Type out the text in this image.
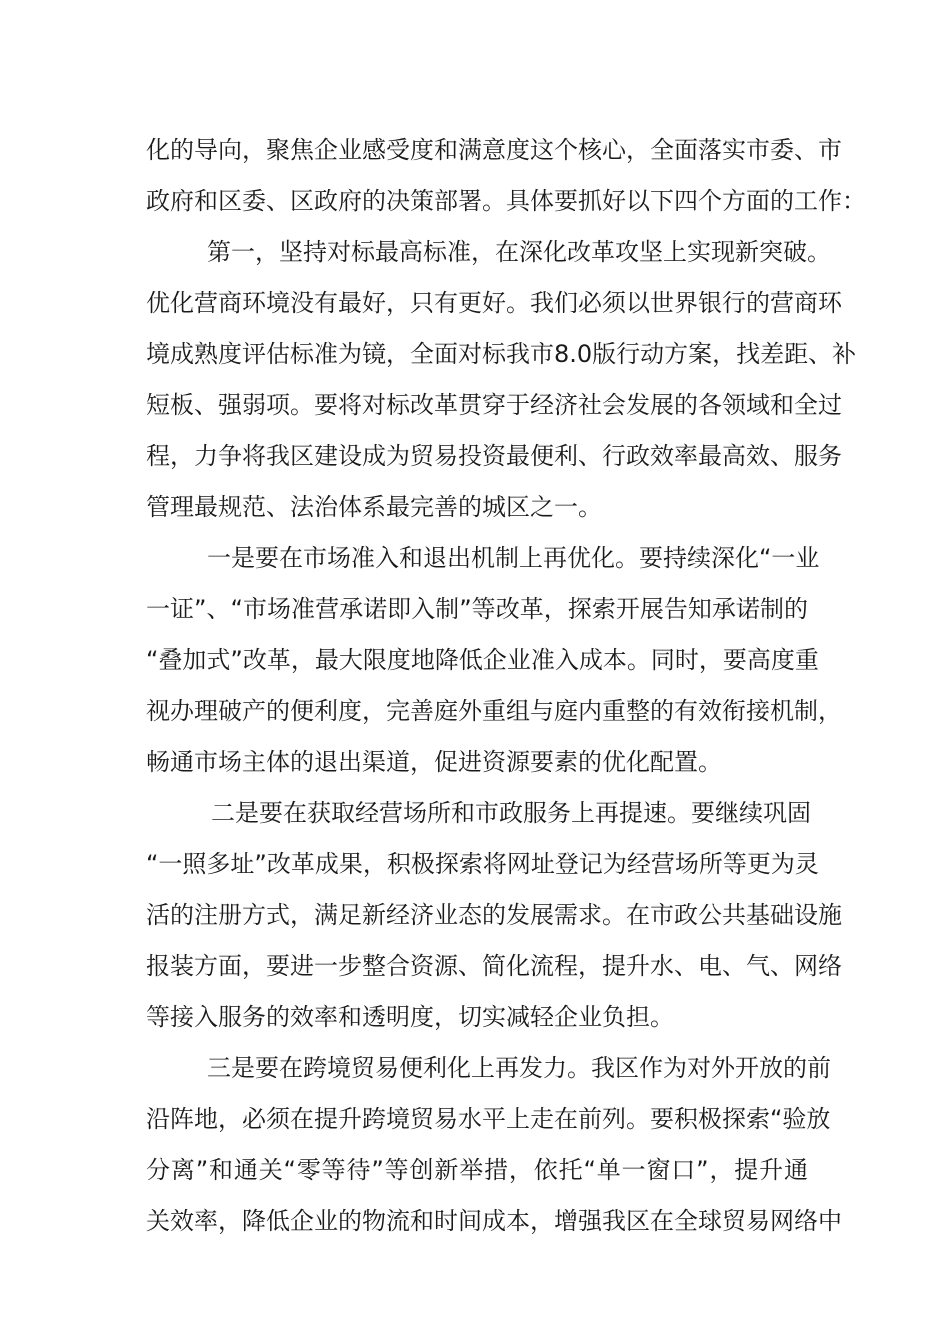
化的导向，聚焦企业感受度和满意度这个核心，全面落实市委、市
政府和区委、区政府的决策部署。具体要抓好以下四个方面的工作：
第一，坚持对标最高标准，在深化改革攻坚上实现新突破。
优化营商环境没有最好，只有更好。我们必须以世界银行的营商环
境成熟度评估标准为镜，全面对标我市8.0版行动方案，找差距、补
短板、强弱项。要将对标改革贯穿于经济社会发展的各领域和全过
程，力争将我区建设成为贸易投资最便利、行政效率最高效、服务
管理最规范、法治体系最完善的城区之一。
一是要在市场准入和退出机制上再优化。要持续深化“一业
一证”、“市场准营承诺即入制”等改革，探索开展告知承诺制的
“叠加式”改革，最大限度地降低企业准入成本。同时，要高度重
视办理破产的便利度，完善庭外重组与庭内重整的有效衔接机制，
畅通市场主体的退出渠道，促进资源要素的优化配置。
二是要在获取经营场所和市政服务上再提速。要继续巩固
“一照多址”改革成果，积极探索将网址登记为经营场所等更为灵
活的注册方式，满足新经济业态的发展需求。在市政公共基础设施
报装方面，要进一步整合资源、简化流程，提升水、电、气、网络
等接入服务的效率和透明度，切实减轻企业负担。
三是要在跨境贸易便利化上再发力。我区作为对外开放的前
沿阵地，必须在提升跨境贸易水平上走在前列。要积极探索“验放
分离”和通关“零等待”等创新举措，依托“单一窗口”，提升通
关效率，降低企业的物流和时间成本，增强我区在全球贸易网络中
